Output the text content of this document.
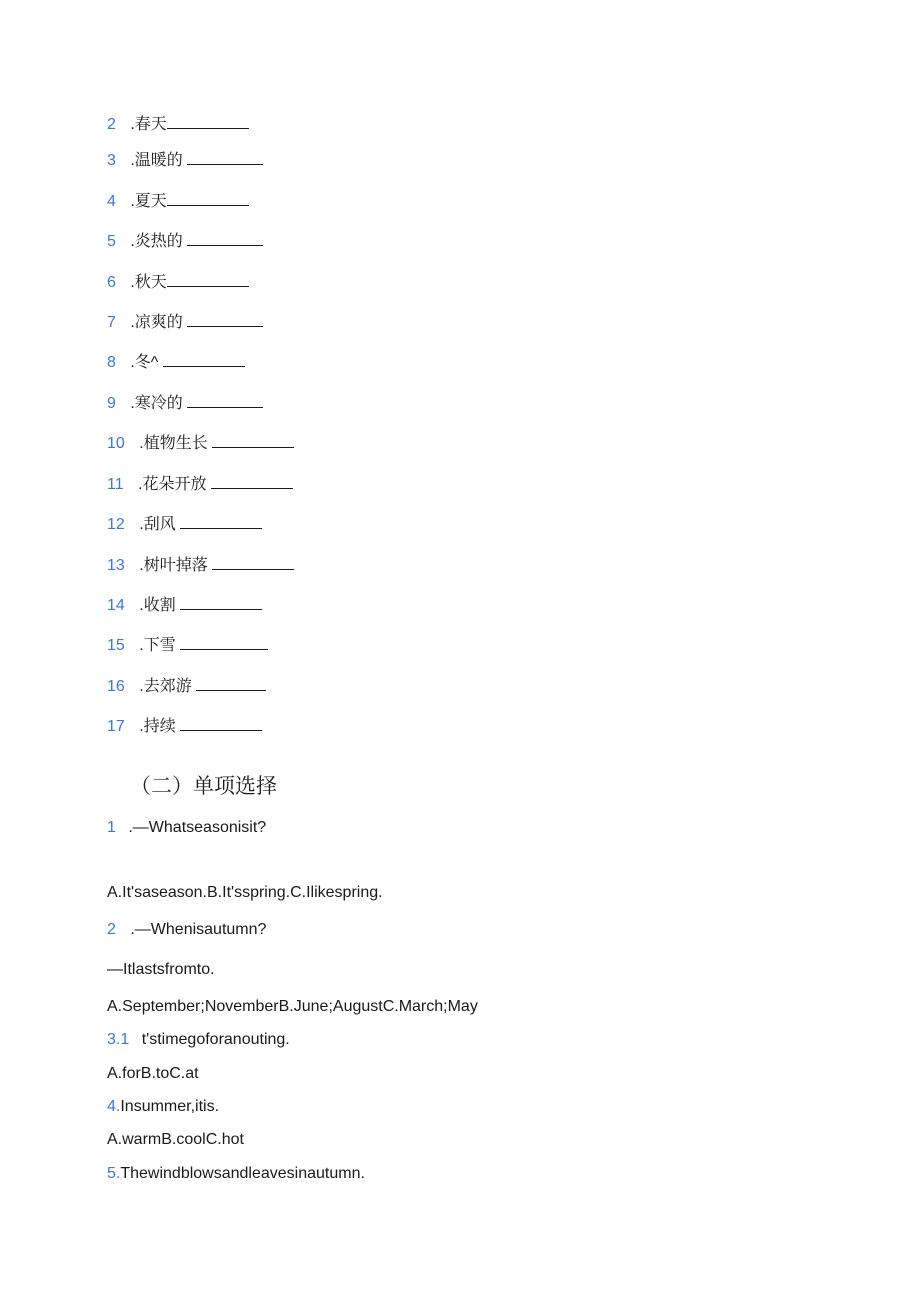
2 .春天
3 .温暖的
4 .夏天
5 .炎热的
6 .秋天
7 .凉爽的
8 .冬^
9 .寒冷的
10 .植物生长
11 .花朵开放
12 .刮风
13 .树叶掉落
14 .收割
15 .下雪
16 .去郊游
17 .持续
（二）单项选择
1 .—Whatseasonisit?
A.It'saseason.B.It'sspring.C.Ilikespring.
2 .—Whenisautumn?
—Itlastsfromto.
A.September;NovemberB.June;AugustC.March;May
3.1 t'stimegoforanouting.
A.forB.toC.at
4.Insummer,itis.
A.warmB.coolC.hot
5.Thewindblowsandleavesinautumn.
